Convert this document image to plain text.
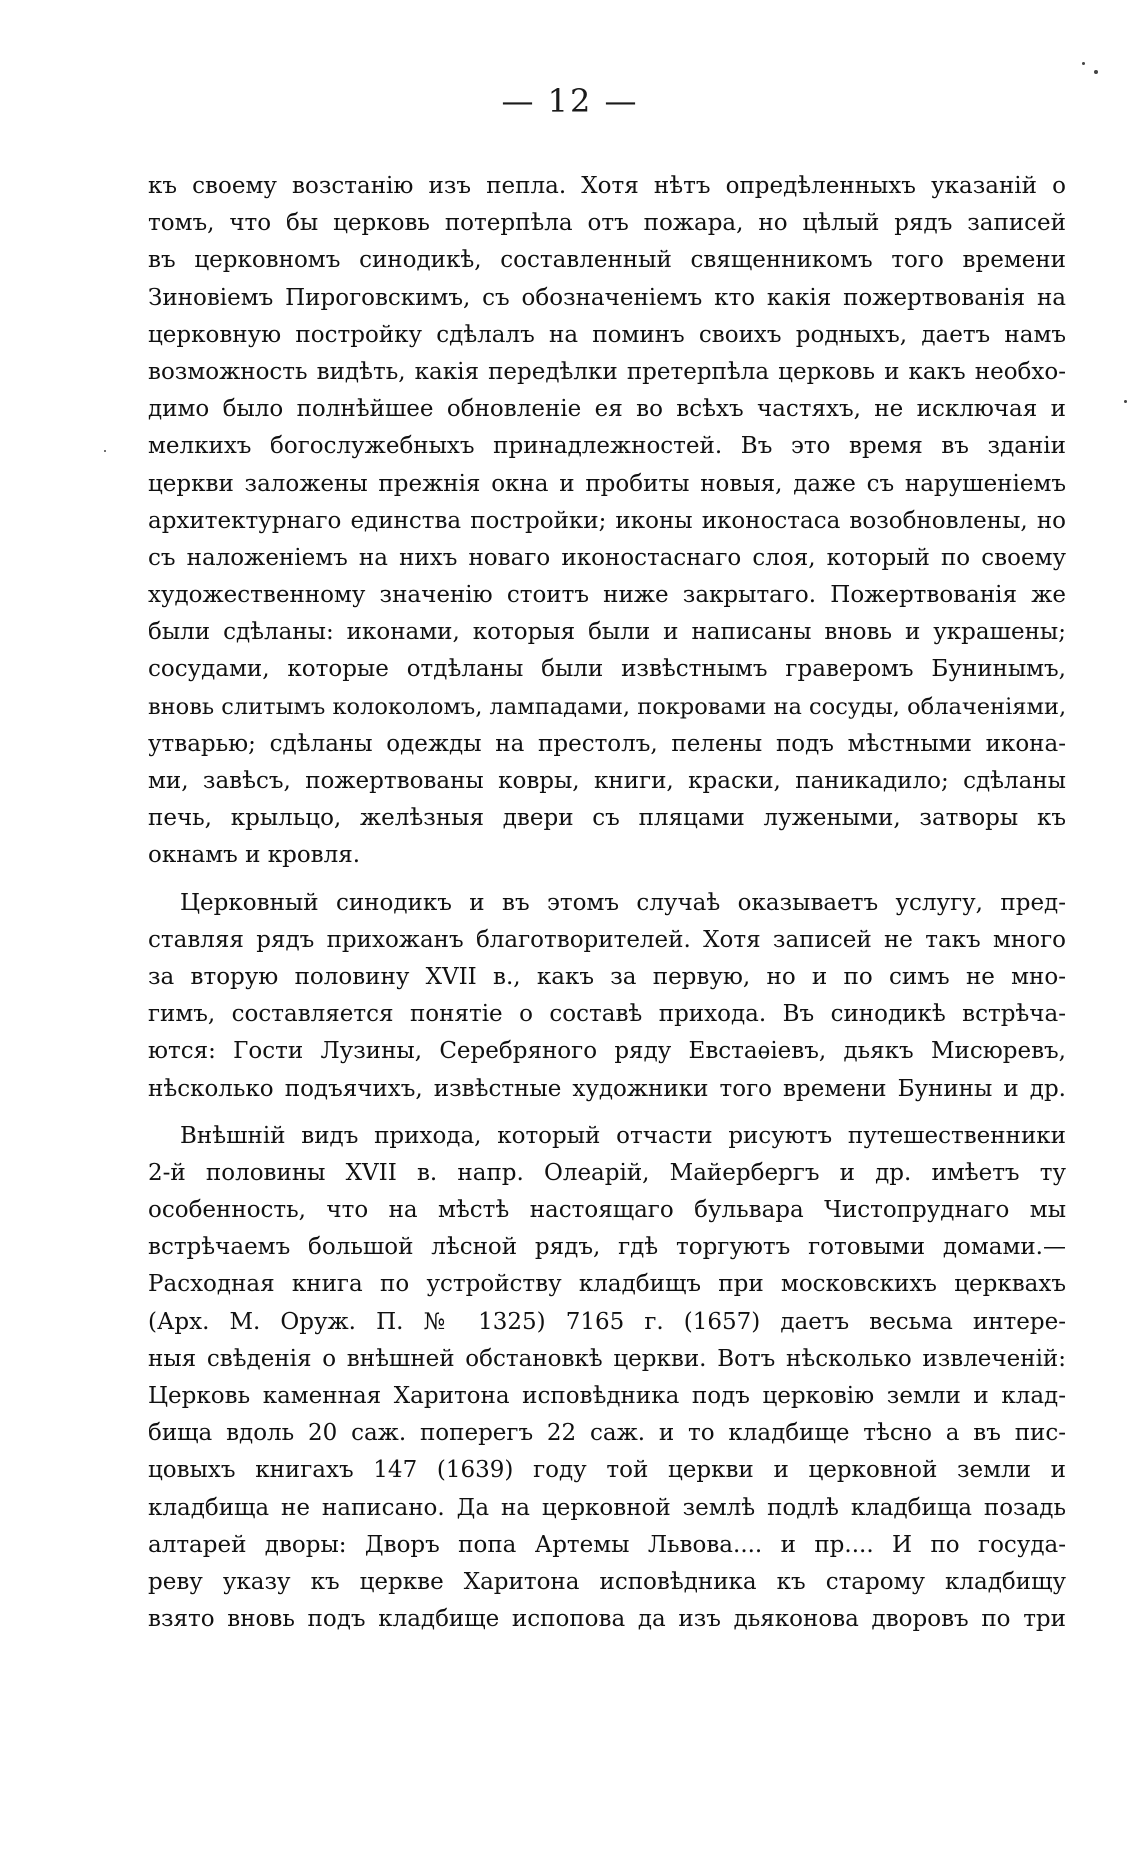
— 12 —
къ своему возстанію изъ пепла. Хотя нѣтъ опредѣленныхъ указаній о
томъ, что бы церковь потерпѣла отъ пожара, но цѣлый рядъ записей
въ церковномъ синодикѣ, составленный священникомъ того времени
Зиновіемъ Пироговскимъ, съ обозначеніемъ кто какія пожертвованія на
церковную постройку сдѣлалъ на поминъ своихъ родныхъ, даетъ намъ
возможность видѣть, какія передѣлки претерпѣла церковь и какъ необхо-
димо было полнѣйшее обновленіе ея во всѣхъ частяхъ, не исключая и
мелкихъ богослужебныхъ принадлежностей. Въ это время въ зданіи
церкви заложены прежнія окна и пробиты новыя, даже съ нарушеніемъ
архитектурнаго единства постройки; иконы иконостаса возобновлены, но
съ наложеніемъ на нихъ новаго иконостаснаго слоя, который по своему
художественному значенію стоитъ ниже закрытаго. Пожертвованія же
были сдѣланы: иконами, которыя были и написаны вновь и украшены;
сосудами, которые отдѣланы были извѣстнымъ граверомъ Бунинымъ,
вновь слитымъ колоколомъ, лампадами, покровами на сосуды, облаченіями,
утварью; сдѣланы одежды на престолъ, пелены подъ мѣстными икона-
ми, завѣсъ, пожертвованы ковры, книги, краски, паникадило; сдѣланы
печь, крыльцо, желѣзныя двери съ пляцами лужеными, затворы къ
окнамъ и кровля.
Церковный синодикъ и въ этомъ случаѣ оказываетъ услугу, пред-
ставляя рядъ прихожанъ благотворителей. Хотя записей не такъ много
за вторую половину XVII в., какъ за первую, но и по симъ не мно-
гимъ, составляется понятіе о составѣ прихода. Въ синодикѣ встрѣча-
ются: Гости Лузины, Серебряного ряду Евстаѳіевъ, дьякъ Мисюревъ,
нѣсколько подъячихъ, извѣстные художники того времени Бунины и др.
Внѣшній видъ прихода, который отчасти рисуютъ путешественники
2-й половины XVII в. напр. Олеарій, Майербергъ и др. имѣетъ ту
особенность, что на мѣстѣ настоящаго бульвара Чистопруднаго мы
встрѣчаемъ большой лѣсной рядъ, гдѣ торгуютъ готовыми домами.—
Расходная книга по устройству кладбищъ при московскихъ церквахъ
(Арх. М. Оруж. П. № 1325) 7165 г. (1657) даетъ весьма интере-
ныя свѣденія о внѣшней обстановкѣ церкви. Вотъ нѣсколько извлеченій:
Церковь каменная Харитона исповѣдника подъ церковію земли и клад-
бища вдоль 20 саж. поперегъ 22 саж. и то кладбище тѣсно а въ пис-
цовыхъ книгахъ 147 (1639) году той церкви и церковной земли и
кладбища не написано. Да на церковной землѣ подлѣ кладбища позадь
алтарей дворы: Дворъ попа Артемы Львова.... и пр.... И по госуда-
реву указу къ церкве Харитона исповѣдника къ старому кладбищу
взято вновь подъ кладбище испопова да изъ дьяконова дворовъ по три
